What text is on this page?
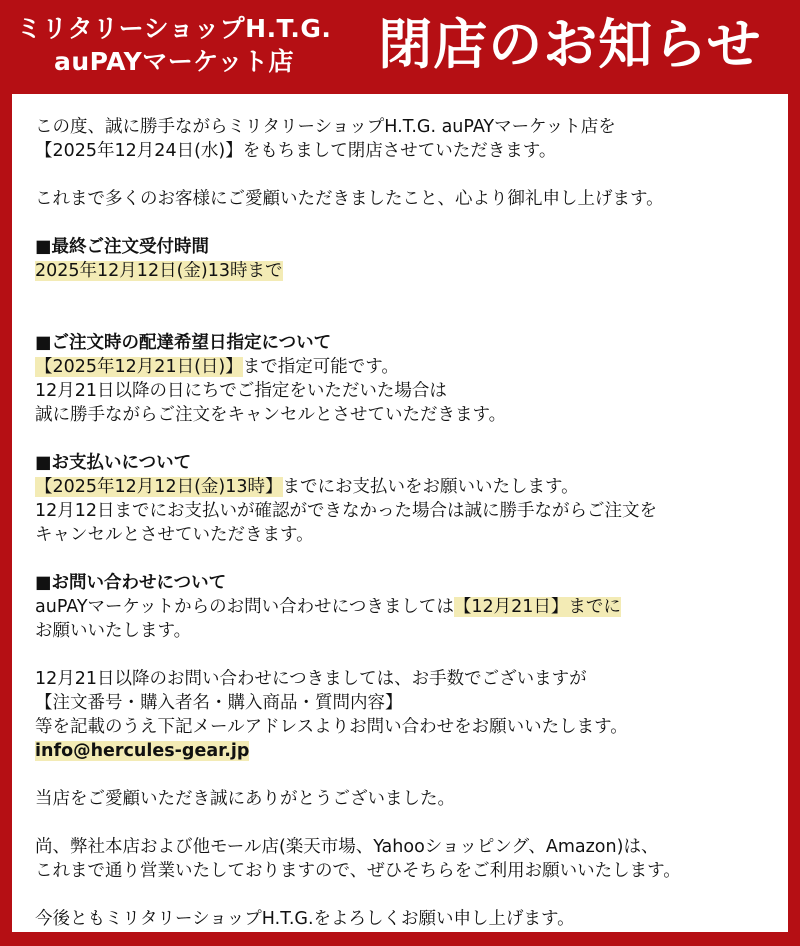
ミリタリーショップH.T.G.
auPAYマーケット店	閉店のお知らせ
この度、誠に勝手ながらミリタリーショップH.T.G. auPAYマーケット店を
【2025年12月24日(水)】をもちまして閉店させていただきます。
これまで多くのお客様にご愛顧いただきましたこと、心より御礼申し上げます。
■最終ご注文受付時間
2025年12月12日(金)13時まで
■ご注文時の配達希望日指定について
【2025年12月21日(日)】まで指定可能です。
12月21日以降の日にちでご指定をいただいた場合は
誠に勝手ながらご注文をキャンセルとさせていただきます。
■お支払いについて
【2025年12月12日(金)13時】までにお支払いをお願いいたします。
12月12日までにお支払いが確認ができなかった場合は誠に勝手ながらご注文を
キャンセルとさせていただきます。
■お問い合わせについて
auPAYマーケットからのお問い合わせにつきましては【12月21日】までに
お願いいたします。
12月21日以降のお問い合わせにつきましては、お手数でございますが
【注文番号・購入者名・購入商品・質問内容】
等を記載のうえ下記メールアドレスよりお問い合わせをお願いいたします。
info@hercules-gear.jp
当店をご愛顧いただき誠にありがとうございました。
尚、弊社本店および他モール店(楽天市場、Yahooショッピング、Amazon)は、
これまで通り営業いたしておりますので、ぜひそちらをご利用お願いいたします。
今後ともミリタリーショップH.T.G.をよろしくお願い申し上げます。
